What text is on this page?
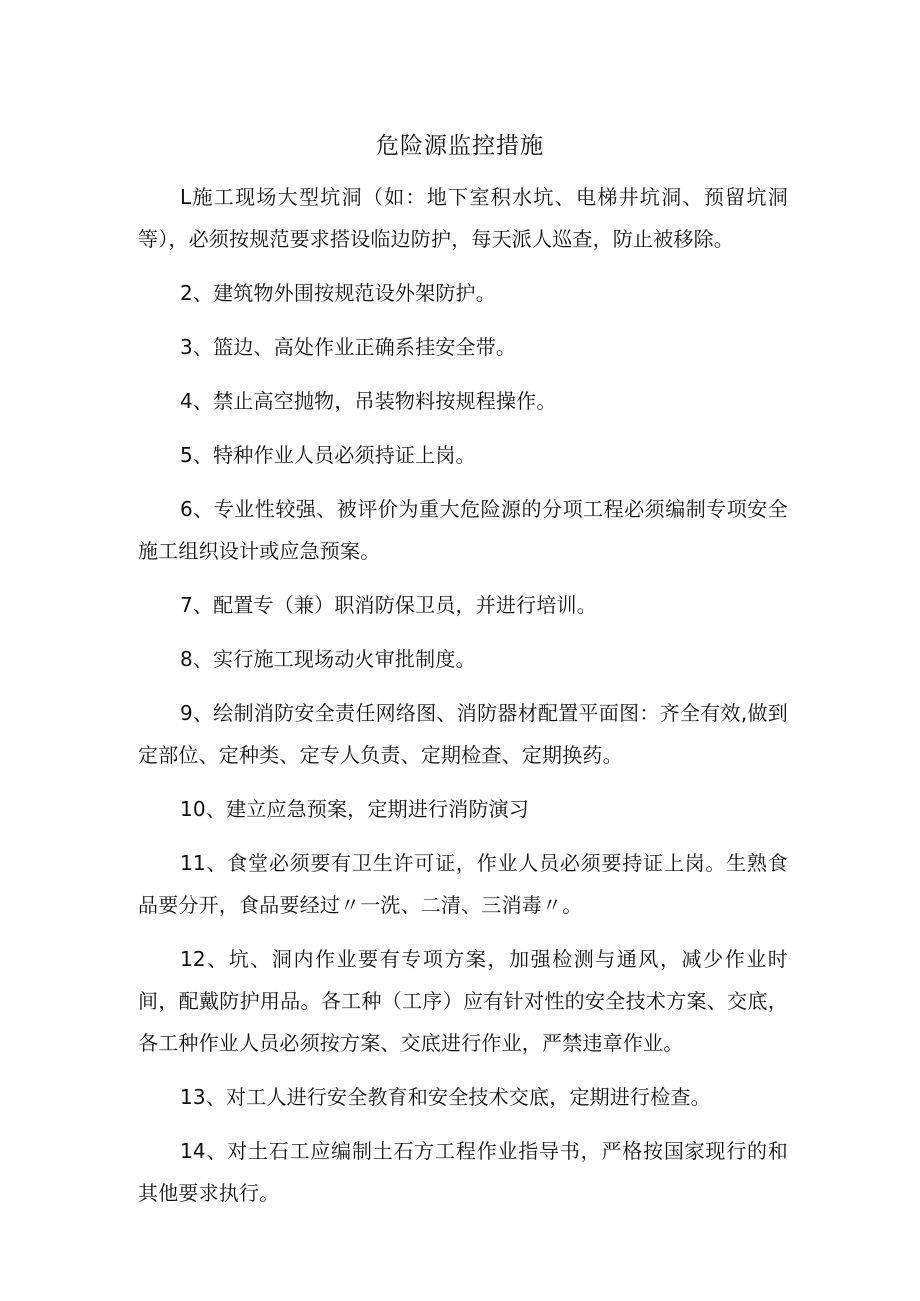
危险源监控措施

L施工现场大型坑洞（如：地下室积水坑、电梯井坑洞、预留坑洞等），必须按规范要求搭设临边防护，每天派人巡查，防止被移除。

2、建筑物外围按规范设外架防护。

3、篮边、高处作业正确系挂安全带。

4、禁止高空抛物，吊装物料按规程操作。

5、特种作业人员必须持证上岗。

6、专业性较强、被评价为重大危险源的分项工程必须编制专项安全施工组织设计或应急预案。

7、配置专（兼）职消防保卫员，并进行培训。

8、实行施工现场动火审批制度。

9、绘制消防安全责任网络图、消防器材配置平面图：齐全有效,做到定部位、定种类、定专人负责、定期检查、定期换药。

10、建立应急预案，定期进行消防演习

11、食堂必须要有卫生许可证，作业人员必须要持证上岗。生熟食品要分开，食品要经过〃一洗、二清、三消毒〃。

12、坑、洞内作业要有专项方案，加强检测与通风，减少作业时间，配戴防护用品。各工种（工序）应有针对性的安全技术方案、交底，各工种作业人员必须按方案、交底进行作业，严禁违章作业。

13、对工人进行安全教育和安全技术交底，定期进行检查。

14、对土石工应编制土石方工程作业指导书，严格按国家现行的和其他要求执行。
